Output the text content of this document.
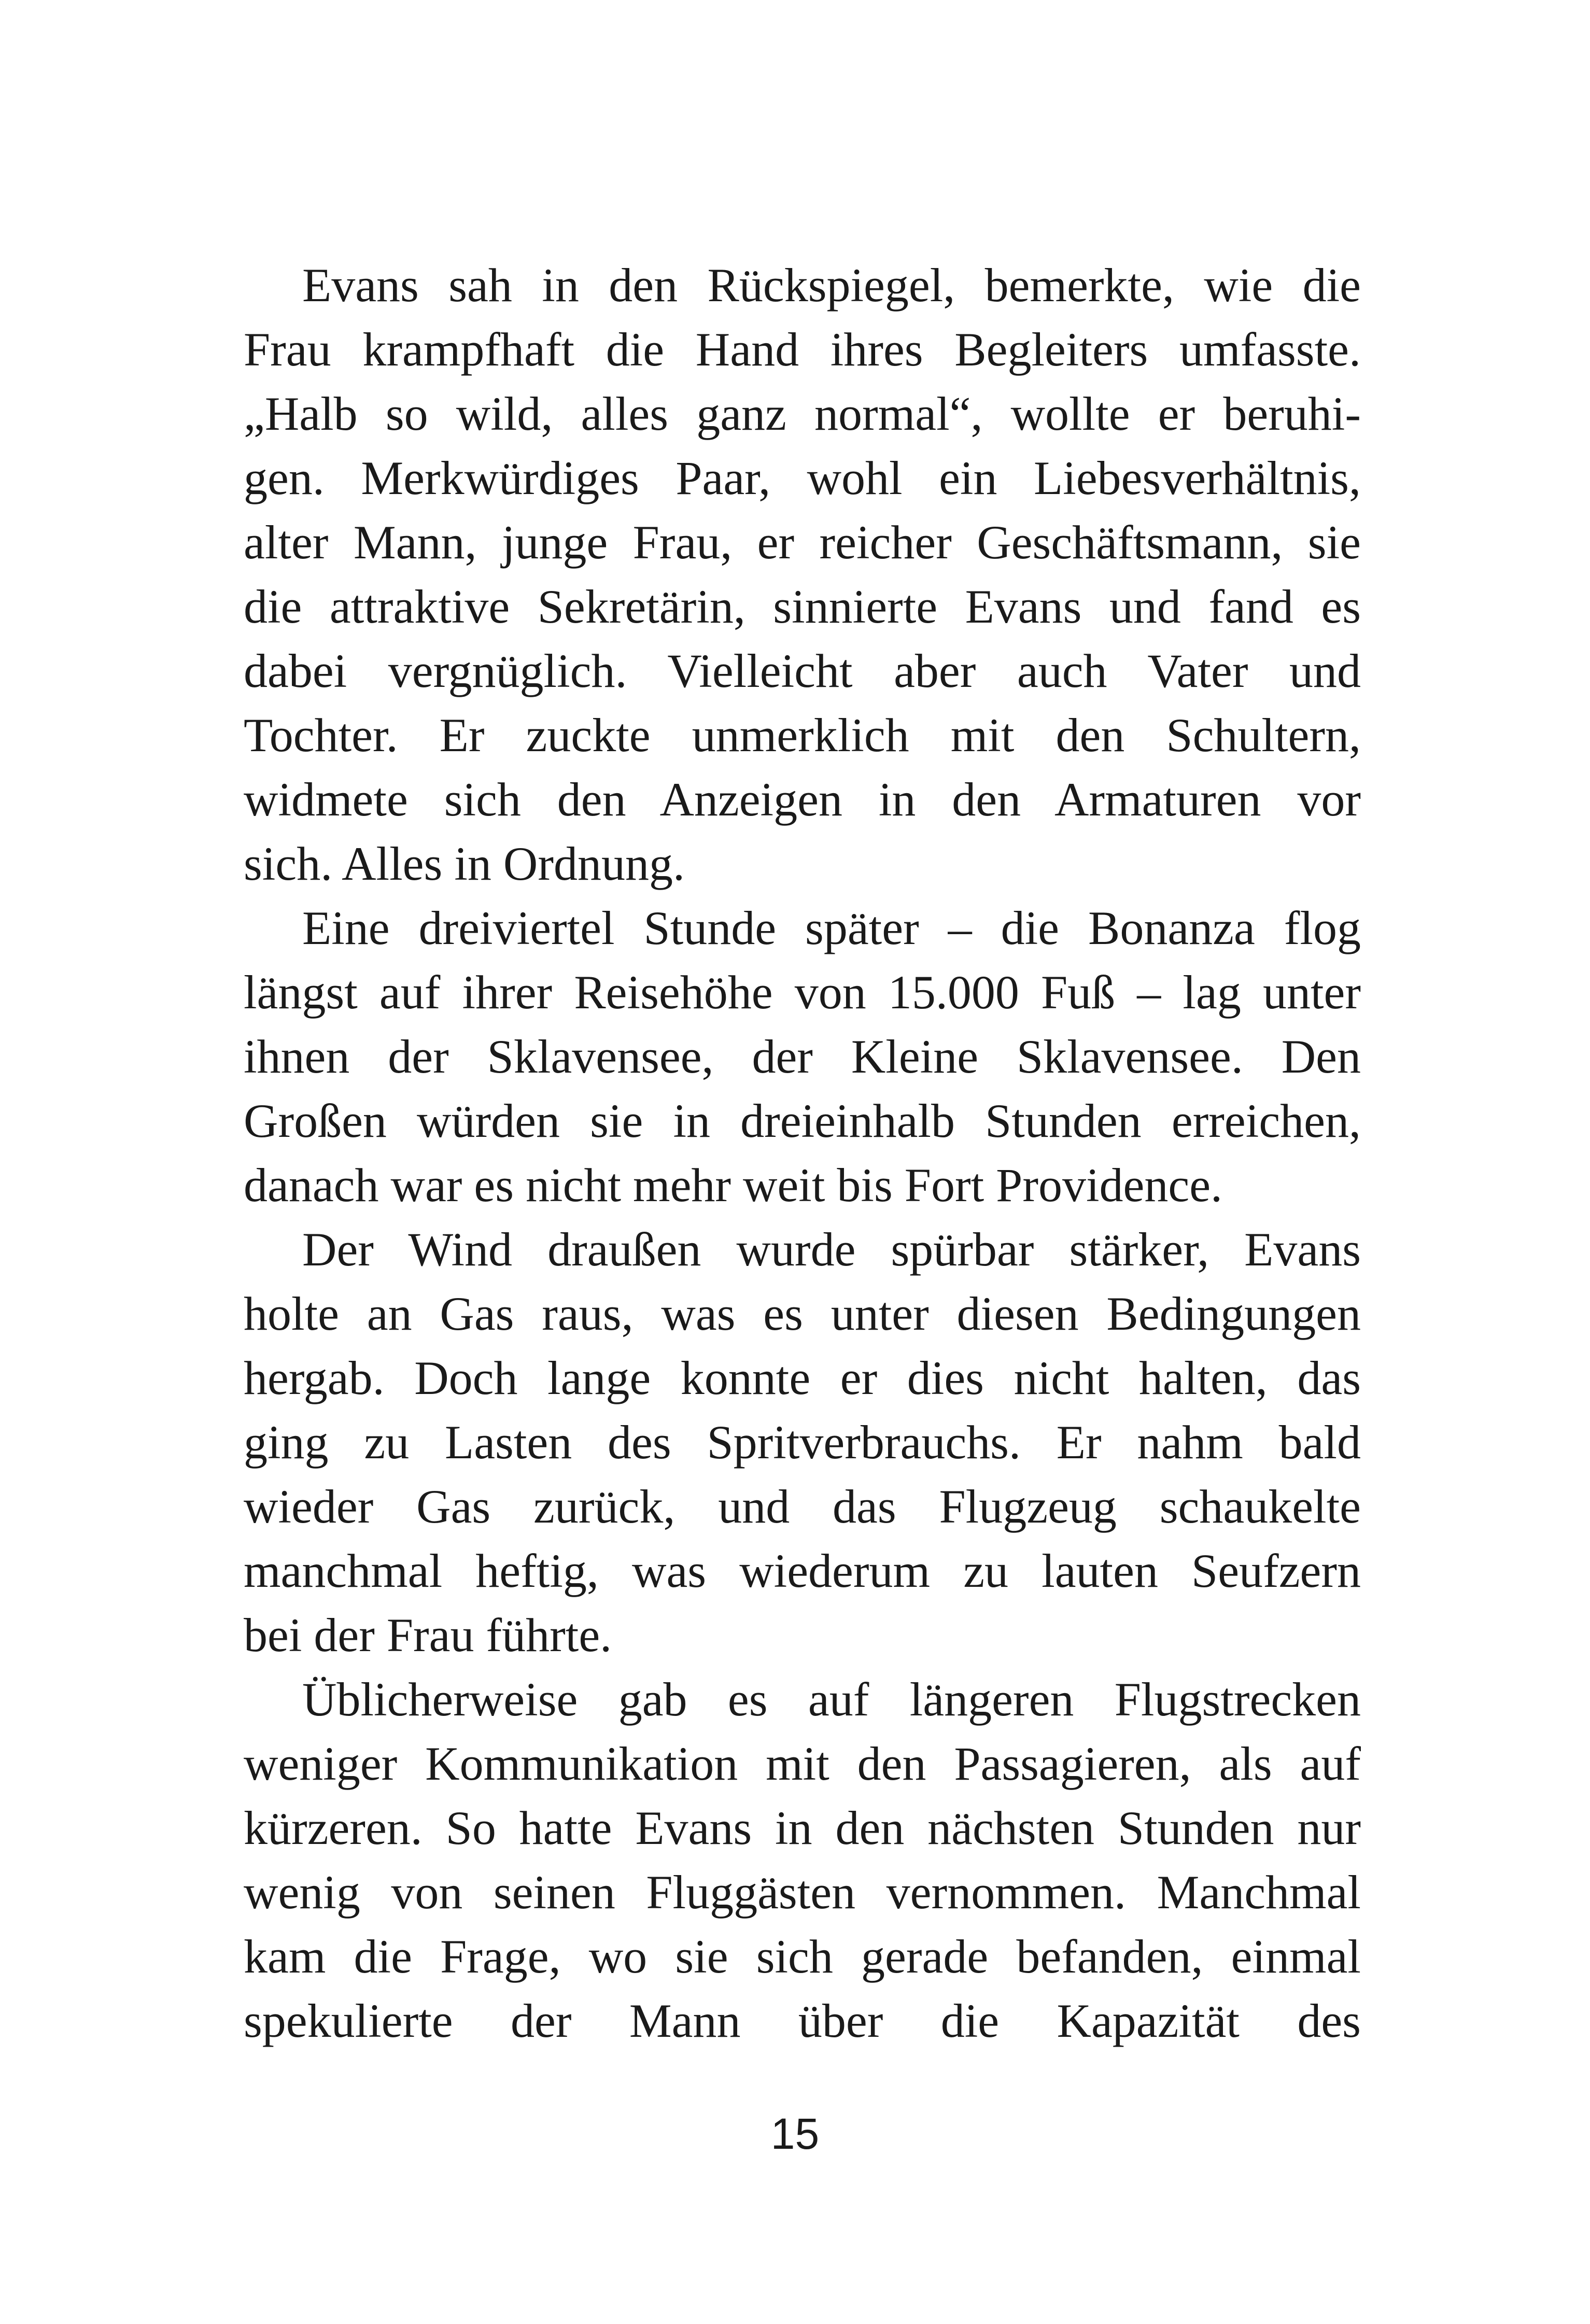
Evans sah in den Rückspiegel, bemerkte, wie die
Frau krampfhaft die Hand ihres Begleiters umfasste.
„Halb so wild, alles ganz normal“, wollte er beruhi-
gen. Merkwürdiges Paar, wohl ein Liebesverhältnis,
alter Mann, junge Frau, er reicher Geschäftsmann, sie
die attraktive Sekretärin, sinnierte Evans und fand es
dabei vergnüglich. Vielleicht aber auch Vater und
Tochter. Er zuckte unmerklich mit den Schultern,
widmete sich den Anzeigen in den Armaturen vor
sich. Alles in Ordnung.
Eine dreiviertel Stunde später – die Bonanza flog
längst auf ihrer Reisehöhe von 15.000 Fuß – lag unter
ihnen der Sklavensee, der Kleine Sklavensee. Den
Großen würden sie in dreieinhalb Stunden erreichen,
danach war es nicht mehr weit bis Fort Providence.
Der Wind draußen wurde spürbar stärker, Evans
holte an Gas raus, was es unter diesen Bedingungen
hergab. Doch lange konnte er dies nicht halten, das
ging zu Lasten des Spritverbrauchs. Er nahm bald
wieder Gas zurück, und das Flugzeug schaukelte
manchmal heftig, was wiederum zu lauten Seufzern
bei der Frau führte.
Üblicherweise gab es auf längeren Flugstrecken
weniger Kommunikation mit den Passagieren, als auf
kürzeren. So hatte Evans in den nächsten Stunden nur
wenig von seinen Fluggästen vernommen. Manchmal
kam die Frage, wo sie sich gerade befanden, einmal
spekulierte der Mann über die Kapazität des
15
